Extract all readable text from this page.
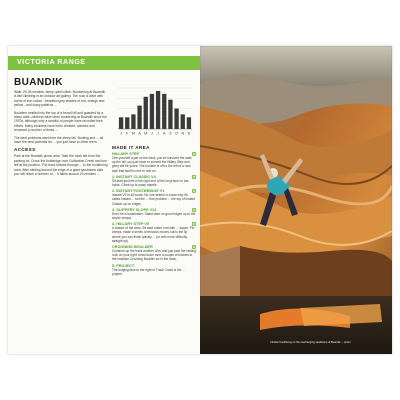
VICTORIA RANGE
BUANDIK
J F M A M J J A S O N D

Walk: 25-35 minutes, steep uphill climb. Bouldering at Buandik is like climbing in an outdoor art gallery. The rock is alive with swirls of iron colour - beautiful grey shades of red, orange and yellow - and crazy patterns ...

Boulders nestled into the top of a broad hill and guarded by a steep walk, climbers have been bouldering at Buandik since the 1970s, although only a handful of people have recorded their efforts. Many boulders have been climbed, claimed and renamed a number of times ...

The best problems start from the steep fall. Bootleg and ... all have the best potential for ... you just have to climb them.

ACCESS

Park at the Buandik picnic area. Take the track left from the parking lot. Cross the footbridge over Cultivation Creek and turn left at the junction. The track follows through ... to the bouldering area. After skirting around the edge of a giant sandstone slab you will reach a number of ... It takes around 25 minutes ...

MADE IT AREA
HILLARY STEP	★
One yourself a pat on the back, you've survived the walk up the hill, you just have to summit the Hillary Step and glory will be yours. The boulder is off to the left of a rock slab that itself is nice to rest on.
1. INSTANT CLASSIC V4	★
Sit start just left of the right end of the long face on low holds. Climb up to crazy mantle.
2. INSTANT FOOTBRIDGE V1	★
Instant V5 in sit boots. No one seems to know why it's called Instant ... but the ... fine problem ... the top of Instant Classic up on edges.
3. SLIPPERY SLOPE V12	★
Don't be a bookmaker. Stand start on good edges up to the sloper crimps.
4. HILLARY STEP V5	★
A classic of the area. Sit start under roof with ... sloper. Pin crimps, make a series of tenuous moves out to the lip where you can finish quickly ... (or with more difficulty straight up).
CROONING BOULDER	★
Continue up the track another 40m and just past the visiting rock on your right, head down over a couple of bushes to the massive Crooning Boulder six in the track.
5. PROJECT
The bulging face to the right of Track Crack is the ... project.
Climber bouldering on the overhanging sandstone of Buandik ... photo
